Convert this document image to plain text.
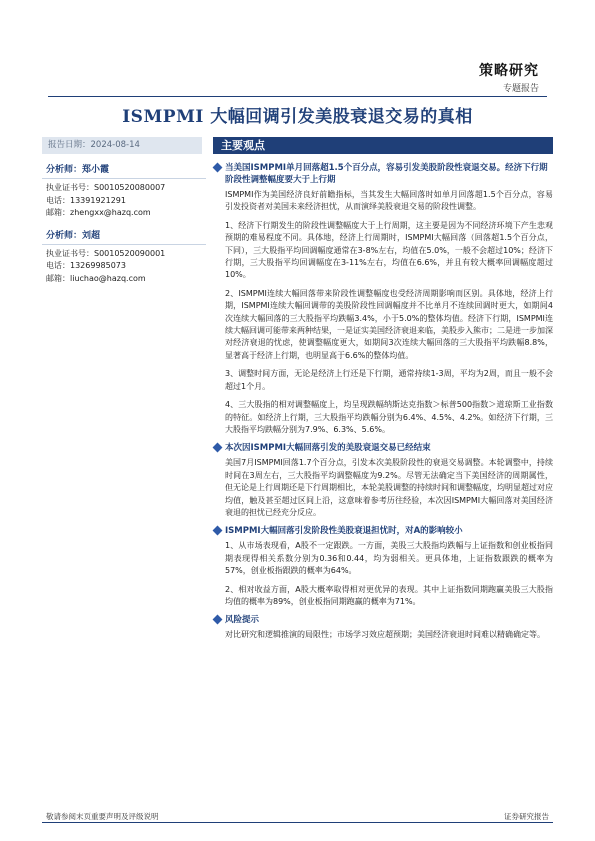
策略研究
专题报告
ISMPMI 大幅回调引发美股衰退交易的真相
报告日期：2024-08-14
分析师：郑小霞
执业证书号：S0010520080007
电话：13391921291
邮箱：zhengxx@hazq.com
分析师：刘超
执业证书号：S0010520090001
电话：13269985073
邮箱：liuchao@hazq.com
主要观点
当美国ISMPMI单月回落超1.5个百分点，容易引发美股阶段性衰退交易。经济下行期阶段性调整幅度要大于上行期
ISMPMI作为美国经济良好前瞻指标，当其发生大幅回落时如单月回落超1.5个百分点，容易引发投资者对美国未来经济担忧，从而演绎美股衰退交易的阶段性调整。
1、经济下行期发生的阶段性调整幅度大于上行周期，这主要是因为不同经济环境下产生悲观预期的难易程度不同。具体地，经济上行周期时，ISMPMI大幅回落（回落超1.5个百分点，下同），三大股指平均回调幅度通常在3-8%左右，均值在5.0%，一般不会超过10%；经济下行期，三大股指平均回调幅度在3-11%左右，均值在6.6%，并且有较大概率回调幅度超过10%。
2、ISMPMI连续大幅回落带来阶段性调整幅度也受经济周期影响而区别。具体地，经济上行期，ISMPMI连续大幅回调带的美股阶段性回调幅度并不比单月不连续回调时更大，如期间4次连续大幅回落的三大股指平均跌幅3.4%，小于5.0%的整体均值。经济下行期，ISMPMI连续大幅回调可能带来两种结果，一是证实美国经济衰退来临，美股步入熊市；二是进一步加深对经济衰退的忧虑，使调整幅度更大，如期间3次连续大幅回落的三大股指平均跌幅8.8%，显著高于经济上行期，也明显高于6.6%的整体均值。
3、调整时间方面，无论是经济上行还是下行期，通常持续1-3周，平均为2周，而且一般不会超过1个月。
4、三大股指的相对调整幅度上，均呈现跌幅纳斯达克指数＞标普500指数＞道琼斯工业指数的特征。如经济上行期，三大股指平均跌幅分别为6.4%、4.5%、4.2%。如经济下行期，三大股指平均跌幅分别为7.9%、6.3%、5.6%。
本次因ISMPMI大幅回落引发的美股衰退交易已经结束
美国7月ISMPMI回落1.7个百分点，引发本次美股阶段性的衰退交易调整。本轮调整中，持续时间在3周左右，三大股指平均调整幅度为9.2%。尽管无法确定当下美国经济的周期属性，但无论是上行周期还是下行周期相比，本轮美股调整的持续时间和调整幅度，均明显超过对应均值，触及甚至超过区间上沿，这意味着参考历往经验，本次因ISMPMI大幅回落对美国经济衰退的担忧已经充分反应。
ISMPMI大幅回落引发阶段性美股衰退担忧时，对A的影响较小
1、从市场表现看，A股不一定跟跌。一方面，美股三大股指均跌幅与上证指数和创业板指同期表现得相关系数分别为0.36和0.44，均为弱相关。更具体地，上证指数跟跌的概率为57%，创业板指跟跌的概率为64%。
2、相对收益方面，A股大概率取得相对更优异的表现。其中上证指数同期跑赢美股三大股指均值的概率为89%，创业板指同期跑赢的概率为71%。
风险提示
对比研究和逻辑推演的局限性；市场学习效应超预期；美国经济衰退时间难以精确确定等。
敬请参阅末页重要声明及评级说明	证券研究报告
